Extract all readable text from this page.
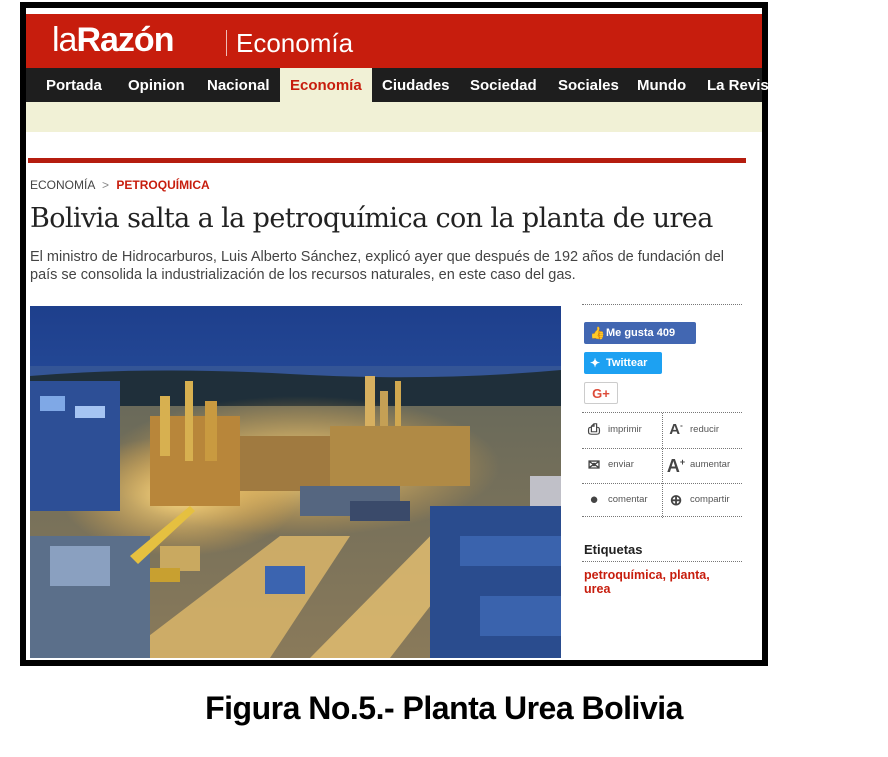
laRazón Economía
Portada Opinion Nacional	Economía	Ciudades Sociedad Sociales Mundo La Revis
ECONOMÍA > PETROQUÍMICA
Bolivia salta a la petroquímica con la planta de urea
El ministro de Hidrocarburos, Luis Alberto Sánchez, explicó ayer que después de 192 años de fundación del país se consolida la industrialización de los recursos naturales, en este caso del gas.
👍 Me gusta 409
✦ Twittear
G+
⎙ imprimir A- reducir
✉ enviar A+ aumentar
● comentar ⊕ compartir
Etiquetas
petroquímica, planta, urea
Figura No.5.- Planta Urea Bolivia
